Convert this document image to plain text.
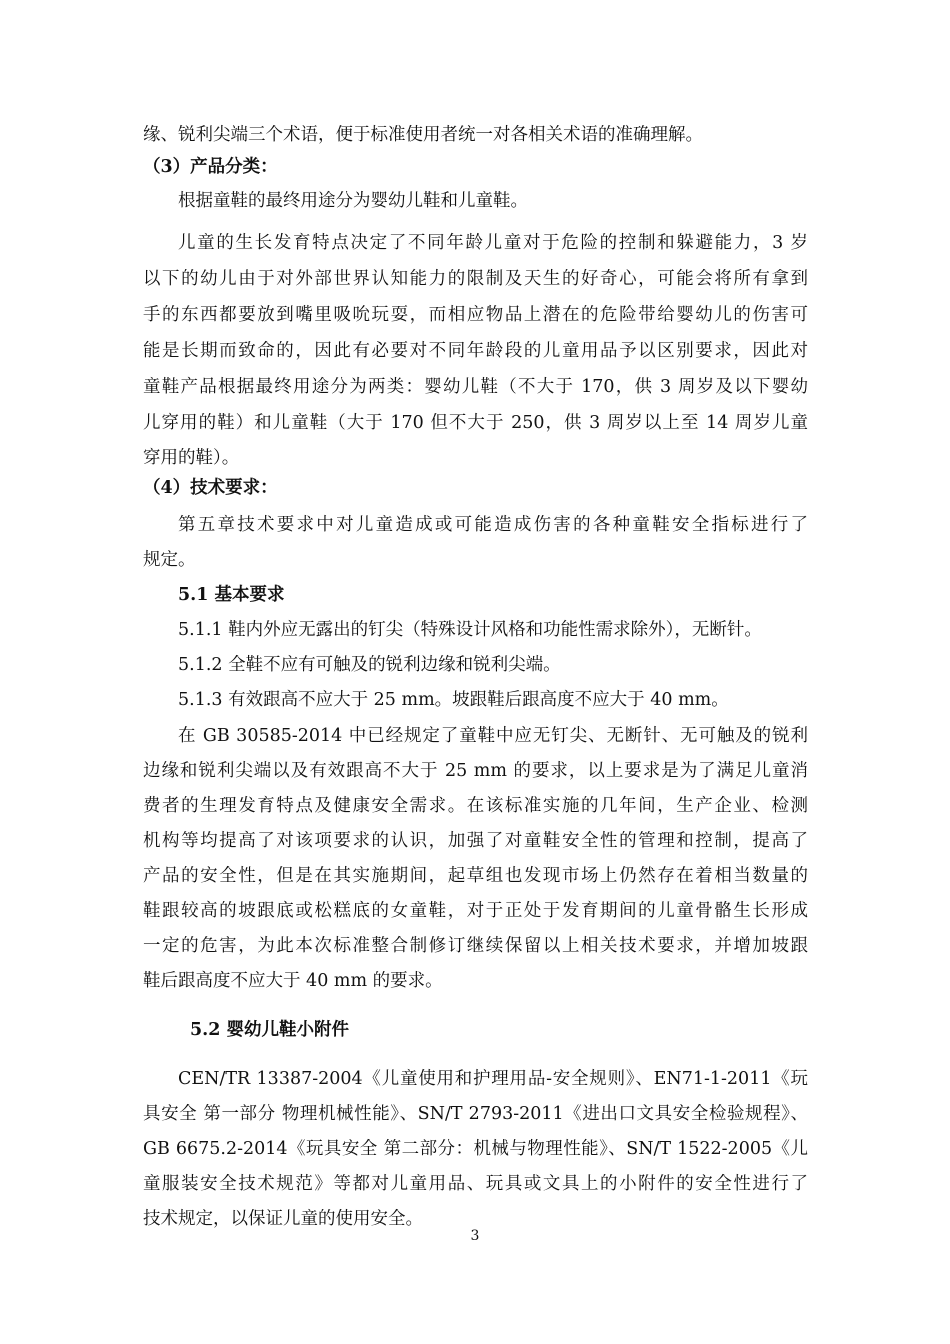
缘、锐利尖端三个术语，便于标准使用者统一对各相关术语的准确理解。
（3）产品分类：
根据童鞋的最终用途分为婴幼儿鞋和儿童鞋。
儿童的生长发育特点决定了不同年龄儿童对于危险的控制和躲避能力，3 岁
以下的幼儿由于对外部世界认知能力的限制及天生的好奇心，可能会将所有拿到
手的东西都要放到嘴里吸吮玩耍，而相应物品上潜在的危险带给婴幼儿的伤害可
能是长期而致命的，因此有必要对不同年龄段的儿童用品予以区别要求，因此对
童鞋产品根据最终用途分为两类：婴幼儿鞋（不大于 170，供 3 周岁及以下婴幼
儿穿用的鞋）和儿童鞋（大于 170 但不大于 250，供 3 周岁以上至 14 周岁儿童
穿用的鞋）。
（4）技术要求：
第五章技术要求中对儿童造成或可能造成伤害的各种童鞋安全指标进行了
规定。
5.1 基本要求
5.1.1 鞋内外应无露出的钉尖（特殊设计风格和功能性需求除外），无断针。
5.1.2 全鞋不应有可触及的锐利边缘和锐利尖端。
5.1.3 有效跟高不应大于 25 mm。坡跟鞋后跟高度不应大于 40 mm。
在 GB 30585-2014 中已经规定了童鞋中应无钉尖、无断针、无可触及的锐利
边缘和锐利尖端以及有效跟高不大于 25 mm 的要求，以上要求是为了满足儿童消
费者的生理发育特点及健康安全需求。在该标准实施的几年间，生产企业、检测
机构等均提高了对该项要求的认识，加强了对童鞋安全性的管理和控制，提高了
产品的安全性，但是在其实施期间，起草组也发现市场上仍然存在着相当数量的
鞋跟较高的坡跟底或松糕底的女童鞋，对于正处于发育期间的儿童骨骼生长形成
一定的危害，为此本次标准整合制修订继续保留以上相关技术要求，并增加坡跟
鞋后跟高度不应大于 40 mm 的要求。
5.2 婴幼儿鞋小附件
CEN/TR 13387-2004《儿童使用和护理用品-安全规则》、EN71-1-2011《玩
具安全 第一部分 物理机械性能》、SN/T 2793-2011《进出口文具安全检验规程》、
GB 6675.2-2014《玩具安全 第二部分：机械与物理性能》、SN/T 1522-2005《儿
童服装安全技术规范》等都对儿童用品、玩具或文具上的小附件的安全性进行了
技术规定，以保证儿童的使用安全。
3
